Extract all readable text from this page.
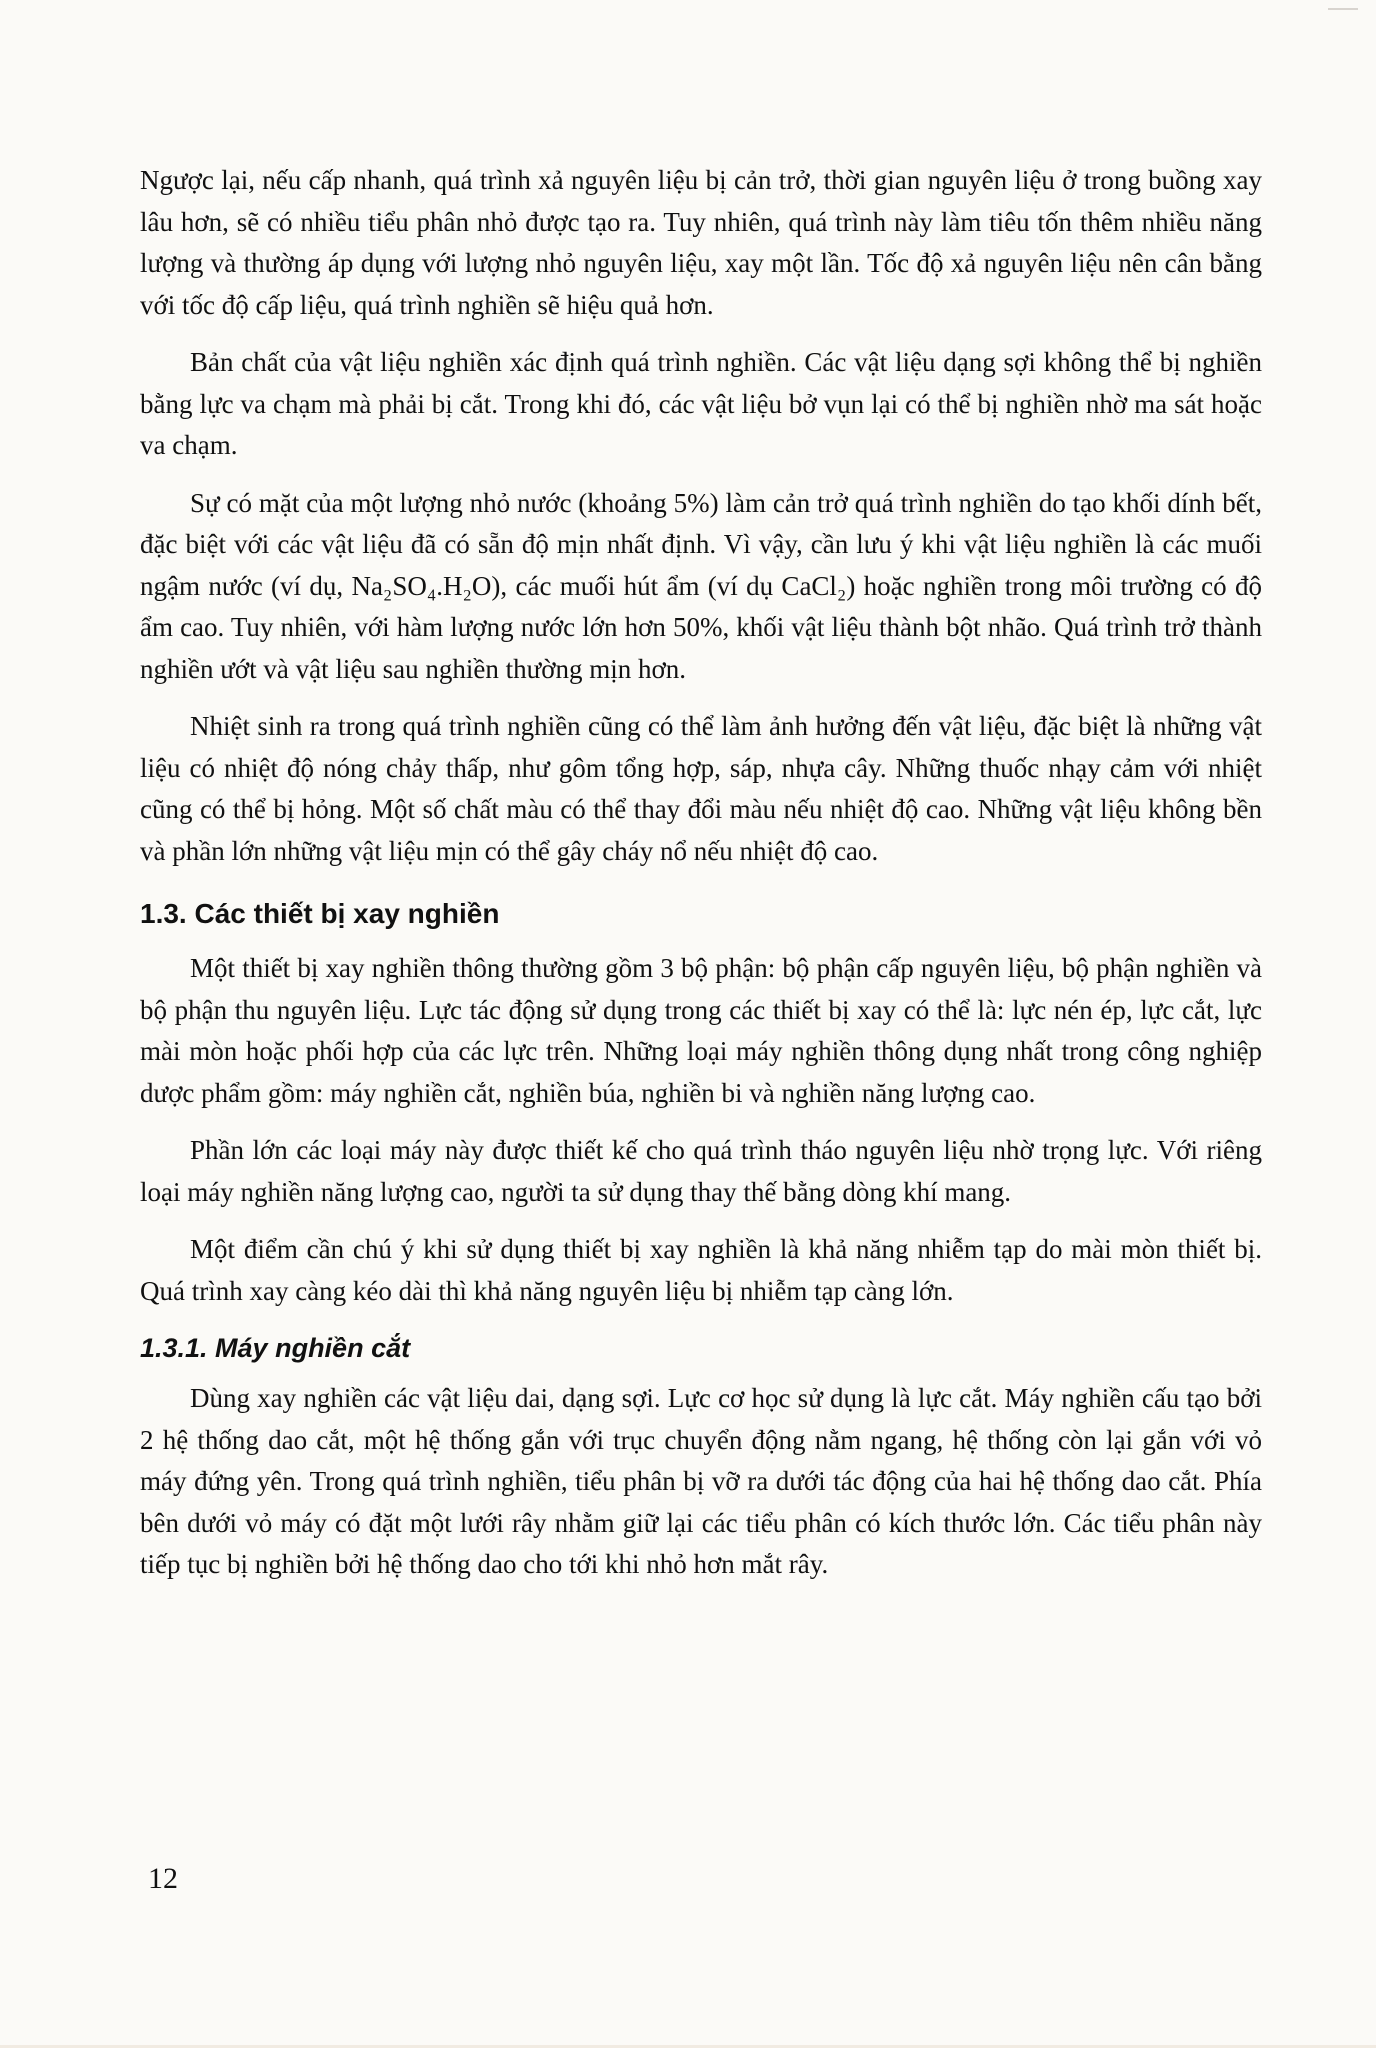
Ngược lại, nếu cấp nhanh, quá trình xả nguyên liệu bị cản trở, thời gian nguyên liệu ở trong buồng xay lâu hơn, sẽ có nhiều tiểu phân nhỏ được tạo ra. Tuy nhiên, quá trình này làm tiêu tốn thêm nhiều năng lượng và thường áp dụng với lượng nhỏ nguyên liệu, xay một lần. Tốc độ xả nguyên liệu nên cân bằng với tốc độ cấp liệu, quá trình nghiền sẽ hiệu quả hơn.

Bản chất của vật liệu nghiền xác định quá trình nghiền. Các vật liệu dạng sợi không thể bị nghiền bằng lực va chạm mà phải bị cắt. Trong khi đó, các vật liệu bở vụn lại có thể bị nghiền nhờ ma sát hoặc va chạm.

Sự có mặt của một lượng nhỏ nước (khoảng 5%) làm cản trở quá trình nghiền do tạo khối dính bết, đặc biệt với các vật liệu đã có sẵn độ mịn nhất định. Vì vậy, cần lưu ý khi vật liệu nghiền là các muối ngậm nước (ví dụ, Na₂SO₄.H₂O), các muối hút ẩm (ví dụ CaCl₂) hoặc nghiền trong môi trường có độ ẩm cao. Tuy nhiên, với hàm lượng nước lớn hơn 50%, khối vật liệu thành bột nhão. Quá trình trở thành nghiền ướt và vật liệu sau nghiền thường mịn hơn.

Nhiệt sinh ra trong quá trình nghiền cũng có thể làm ảnh hưởng đến vật liệu, đặc biệt là những vật liệu có nhiệt độ nóng chảy thấp, như gôm tổng hợp, sáp, nhựa cây. Những thuốc nhạy cảm với nhiệt cũng có thể bị hỏng. Một số chất màu có thể thay đổi màu nếu nhiệt độ cao. Những vật liệu không bền và phần lớn những vật liệu mịn có thể gây cháy nổ nếu nhiệt độ cao.

1.3. Các thiết bị xay nghiền

Một thiết bị xay nghiền thông thường gồm 3 bộ phận: bộ phận cấp nguyên liệu, bộ phận nghiền và bộ phận thu nguyên liệu. Lực tác động sử dụng trong các thiết bị xay có thể là: lực nén ép, lực cắt, lực mài mòn hoặc phối hợp của các lực trên. Những loại máy nghiền thông dụng nhất trong công nghiệp dược phẩm gồm: máy nghiền cắt, nghiền búa, nghiền bi và nghiền năng lượng cao.

Phần lớn các loại máy này được thiết kế cho quá trình tháo nguyên liệu nhờ trọng lực. Với riêng loại máy nghiền năng lượng cao, người ta sử dụng thay thế bằng dòng khí mang.

Một điểm cần chú ý khi sử dụng thiết bị xay nghiền là khả năng nhiễm tạp do mài mòn thiết bị. Quá trình xay càng kéo dài thì khả năng nguyên liệu bị nhiễm tạp càng lớn.

1.3.1. Máy nghiền cắt

Dùng xay nghiền các vật liệu dai, dạng sợi. Lực cơ học sử dụng là lực cắt. Máy nghiền cấu tạo bởi 2 hệ thống dao cắt, một hệ thống gắn với trục chuyển động nằm ngang, hệ thống còn lại gắn với vỏ máy đứng yên. Trong quá trình nghiền, tiểu phân bị vỡ ra dưới tác động của hai hệ thống dao cắt. Phía bên dưới vỏ máy có đặt một lưới rây nhằm giữ lại các tiểu phân có kích thước lớn. Các tiểu phân này tiếp tục bị nghiền bởi hệ thống dao cho tới khi nhỏ hơn mắt rây.

12
